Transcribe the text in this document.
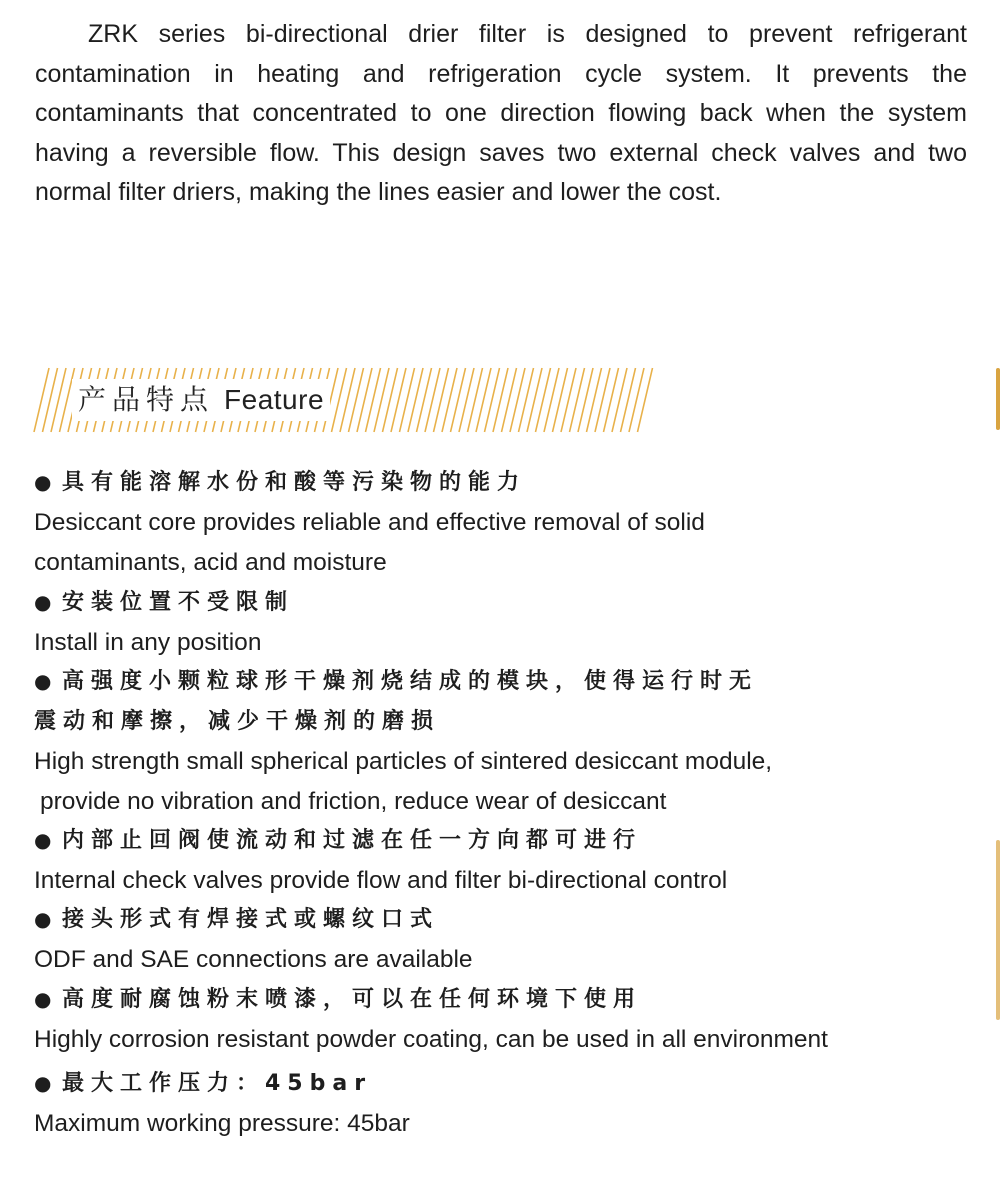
ZRK series bi-directional drier filter is designed to prevent refrigerant contamination in heating and refrigeration cycle system. It prevents the contaminants that concentrated to one direction flowing back when the system having a reversible flow. This design saves two external check valves and two normal filter driers, making the lines easier and lower the cost.

产品特点 Feature

● 具有能溶解水份和酸等污染物的能力

Desiccant core provides reliable and effective removal of solid

contaminants, acid and moisture

● 安装位置不受限制

Install in any position

● 高强度小颗粒球形干燥剂烧结成的模块，使得运行时无

震动和摩擦，减少干燥剂的磨损

High strength small spherical particles of sintered desiccant module,

provide no vibration and friction, reduce wear of desiccant

● 内部止回阀使流动和过滤在任一方向都可进行

Internal check valves provide flow and filter bi-directional control

● 接头形式有焊接式或螺纹口式

ODF and SAE connections are available

● 高度耐腐蚀粉末喷漆，可以在任何环境下使用

Highly corrosion resistant powder coating, can be used in all environment

● 最大工作压力：45bar

Maximum working pressure: 45bar
